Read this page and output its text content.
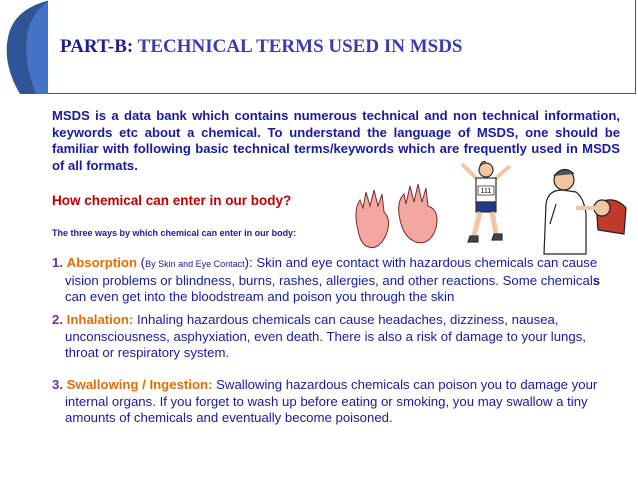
PART-B: TECHNICAL TERMS USED IN MSDS
MSDS is a data bank which contains numerous technical and non technical information, keywords etc about a chemical. To understand the language of MSDS, one should be familiar with following basic technical terms/keywords which are frequently used in MSDS of all formats.
How chemical can enter in our body?
The three ways by which chemical can enter in our body:
1. Absorption (By Skin and Eye Contact): Skin and eye contact with hazardous chemicals can cause vision problems or blindness, burns, rashes, allergies, and other reactions. Some chemicals can even get into the bloodstream and poison you through the skin
2. Inhalation: Inhaling hazardous chemicals can cause headaches, dizziness, nausea, unconsciousness, asphyxiation, even death. There is also a risk of damage to your lungs, throat or respiratory system.
3. Swallowing / Ingestion: Swallowing hazardous chemicals can poison you to damage your internal organs. If you forget to wash up before eating or smoking, you may swallow a tiny amounts of chemicals and eventually become poisoned.
111
